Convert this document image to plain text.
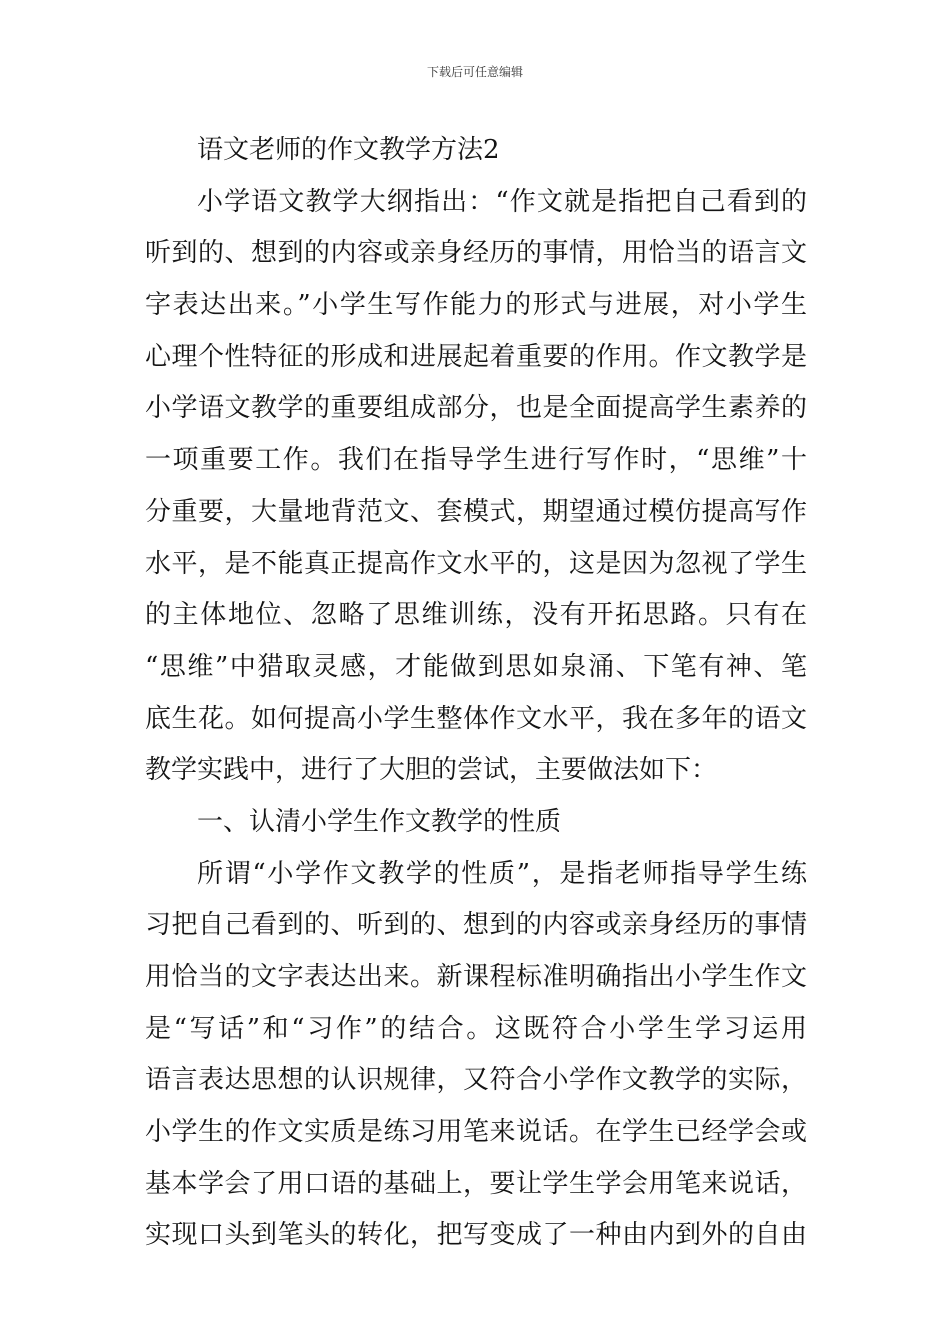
下载后可任意编辑
语文老师的作文教学方法2
小学语文教学大纲指出：“作文就是指把自己看到的
听到的、想到的内容或亲身经历的事情，用恰当的语言文
字表达出来。”小学生写作能力的形式与进展，对小学生
心理个性特征的形成和进展起着重要的作用。作文教学是
小学语文教学的重要组成部分，也是全面提高学生素养的
一项重要工作。我们在指导学生进行写作时，“思维”十
分重要，大量地背范文、套模式，期望通过模仿提高写作
水平，是不能真正提高作文水平的，这是因为忽视了学生
的主体地位、忽略了思维训练，没有开拓思路。只有在
“思维”中猎取灵感，才能做到思如泉涌、下笔有神、笔
底生花。如何提高小学生整体作文水平，我在多年的语文
教学实践中，进行了大胆的尝试，主要做法如下：
一、认清小学生作文教学的性质
所谓“小学作文教学的性质”，是指老师指导学生练
习把自己看到的、听到的、想到的内容或亲身经历的事情
用恰当的文字表达出来。新课程标准明确指出小学生作文
是“写话”和“习作”的结合。这既符合小学生学习运用
语言表达思想的认识规律，又符合小学作文教学的实际，
小学生的作文实质是练习用笔来说话。在学生已经学会或
基本学会了用口语的基础上，要让学生学会用笔来说话，
实现口头到笔头的转化，把写变成了一种由内到外的自由
